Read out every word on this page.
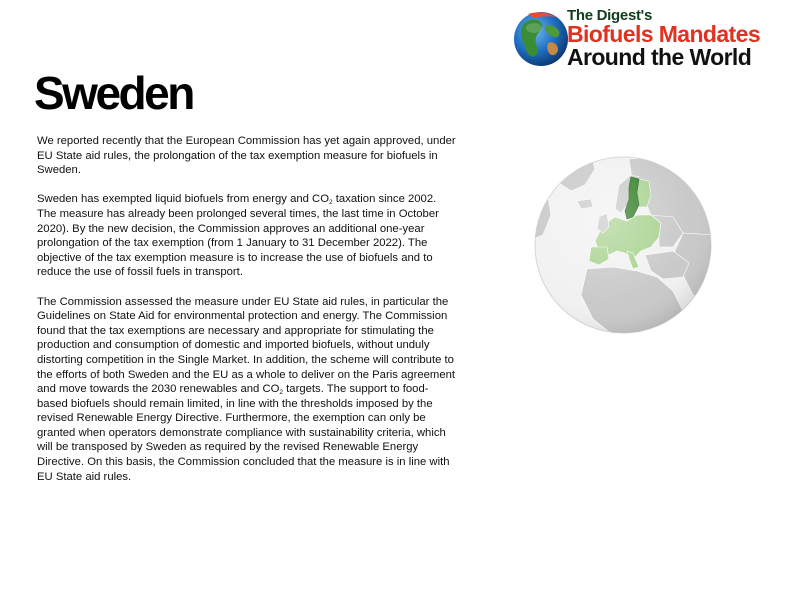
The Digest's
Biofuels Mandates
Around the World
Sweden

We reported recently that the European Commission has yet again approved, under EU State aid rules, the prolongation of the tax exemption measure for biofuels in Sweden.

Sweden has exempted liquid biofuels from energy and $CO_2$ taxation since 2002. The measure has already been prolonged several times, the last time in October 2020). By the new decision, the Commission approves an additional one-year prolongation of the tax exemption (from 1 January to 31 December 2022). The objective of the tax exemption measure is to increase the use of biofuels and to reduce the use of fossil fuels in transport.

The Commission assessed the measure under EU State aid rules, in particular the Guidelines on State Aid for environmental protection and energy. The Commission found that the tax exemptions are necessary and appropriate for stimulating the production and consumption of domestic and imported biofuels, without unduly distorting competition in the Single Market. In addition, the scheme will contribute to the efforts of both Sweden and the EU as a whole to deliver on the Paris agreement and move towards the 2030 renewables and $CO_2$ targets. The support to food-based biofuels should remain limited, in line with the thresholds imposed by the revised Renewable Energy Directive. Furthermore, the exemption can only be granted when operators demonstrate compliance with sustainability criteria, which will be transposed by Sweden as required by the revised Renewable Energy Directive. On this basis, the Commission concluded that the measure is in line with EU State aid rules.
